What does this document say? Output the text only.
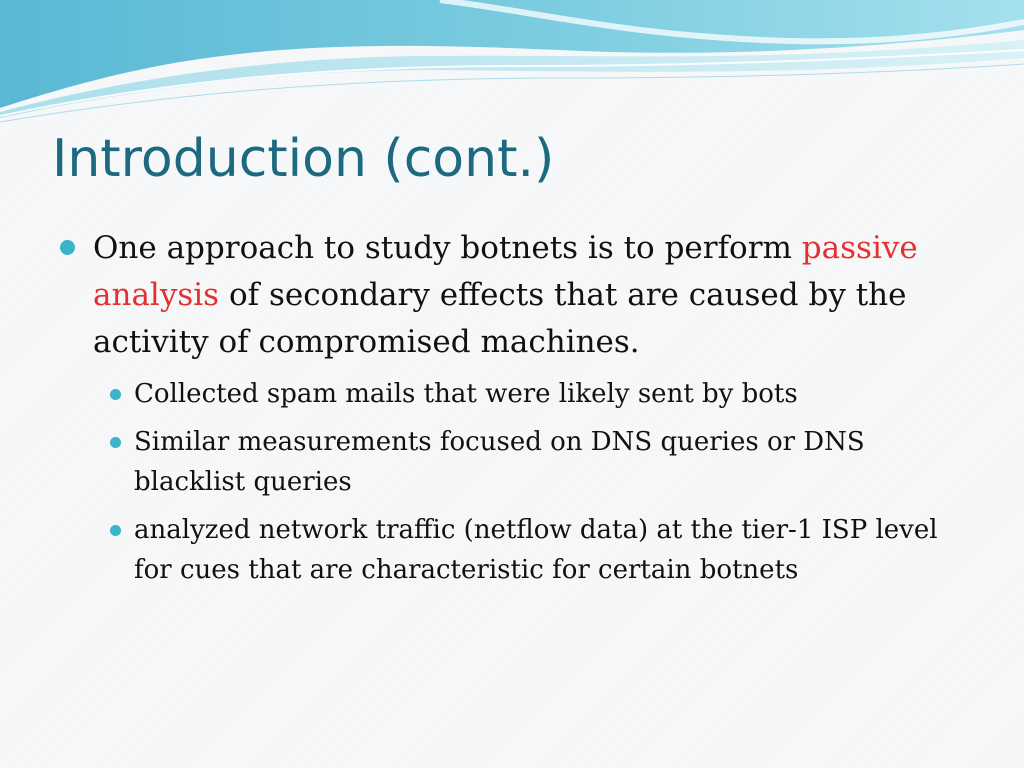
Introduction (cont.)
One approach to study botnets is to perform passive analysis of secondary effects that are caused by the activity of compromised machines.
Collected spam mails that were likely sent by bots
Similar measurements focused on DNS queries or DNS blacklist queries
analyzed network traffic (netflow data) at the tier-1 ISP level for cues that are characteristic for certain botnets
